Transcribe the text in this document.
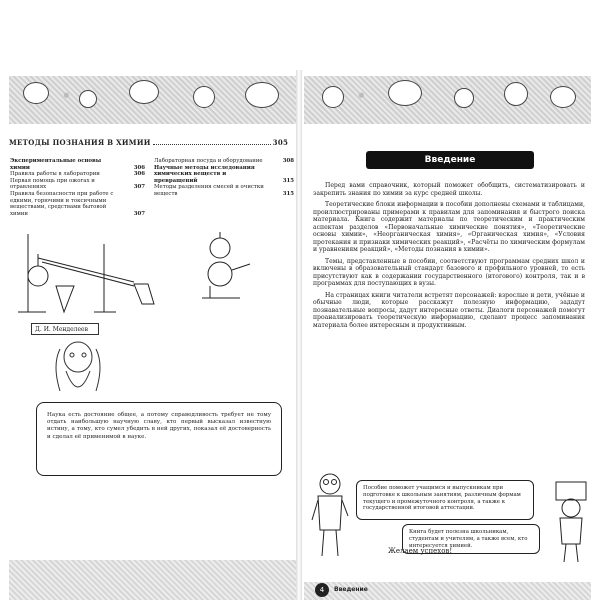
МЕТОДЫ ПОЗНАНИЯ В ХИМИИ	305
Экспериментальные основы химии	306
Правила работы в лаборатории	306
Первая помощь при ожогах и отравлениях	307
Правила безопасности при работе с едкими, горючими и токсичными веществами, средствами бытовой химии	307
Лабораторная посуда и оборудование	308
Научные методы исследования химических веществ и превращений	315
Методы разделения смесей и очистки веществ	315
Д. И. Менделеев
Наука есть достояние общее, а потому справедливость требует не тому отдать наибольшую научную славу, кто первый высказал известную истину, а тому, кто сумел убедить в ней других, показал её достоверность и сделал её применимой в науке.
Введение

Перед вами справочник, который поможет обобщить, систематизировать и закрепить знания по химии за курс средней школы.

Теоретические блоки информации в пособии дополнены схемами и таблицами, проиллюстрированы примерами к правилам для запоминания и быстрого поиска материала. Книга содержит материалы по теоретическим и практическим аспектам разделов «Первоначальные химические понятия», «Теоретические основы химии», «Неорганическая химия», «Органическая химия», «Условия протекания и признаки химических реакций», «Расчёты по химическим формулам и уравнениям реакций», «Методы познания в химии».

Темы, представленные в пособии, соответствуют программам средних школ и включены в образовательный стандарт базового и профильного уровней, то есть присутствуют как в содержании государственного (итогового) контроля, так и в программах для поступающих в вузы.

На страницах книги читатели встретят персонажей: взрослые и дети, учёные и обычные люди, которые расскажут полезную информацию, зададут познавательные вопросы, дадут интересные ответы. Диалоги персонажей помогут проанализировать теоретическую информацию, сделают процесс запоминания материала более интересным и продуктивным.

Пособие поможет учащимся и выпускникам при подготовке к школьным занятиям, различным формам текущего и промежуточного контроля, а также к государственной итоговой аттестации.
Книга будет полезна школьникам, студентам и учителям, а также всем, кто интересуется химией.
Желаем успехов!
4	Введение
